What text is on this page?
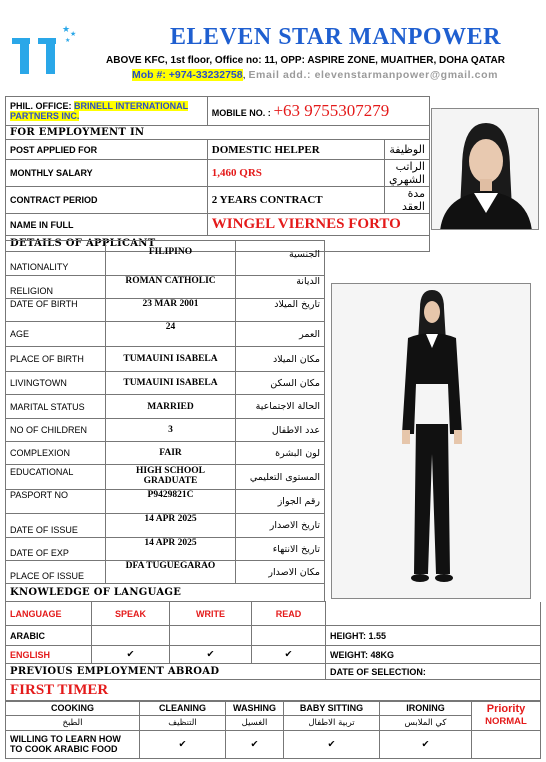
★
★
★	ELEVEN STAR MANPOWER
ABOVE KFC, 1st floor, Office no: 11, OPP: ASPIRE ZONE, MUAITHER, DOHA QATAR
Mob #: +974-33232758, Email add.: elevenstarmanpower@gmail.com
PHIL. OFFICE: BRINELL INTERNATIONAL PARTNERS INC.	MOBILE NO. : +63 9755307279	
FOR EMPLOYMENT IN		
POST APPLIED FOR	DOMESTIC HELPER	الوظيفة
MONTHLY SALARY	1,460 QRS	الراتب الشهري
CONTRACT PERIOD	2 YEARS CONTRACT	مدة العقد
NAME IN FULL	WINGEL VIERNES FORTO	
DETAILS OF APPLICANT		
NATIONALITY	FILIPINO	الجنسية
RELIGION	ROMAN CATHOLIC	الديانة
DATE OF BIRTH	23 MAR 2001	تاريخ الميلاد
AGE	24	العمر
PLACE OF BIRTH	TUMAUINI ISABELA	مكان الميلاد
LIVINGTOWN	TUMAUINI ISABELA	مكان السكن
MARITAL STATUS	MARRIED	الحالة الاجتماعية
NO OF CHILDREN	3	عدد الاطفال
COMPLEXION	FAIR	لون البشرة
EDUCATIONAL	HIGH SCHOOL GRADUATE	المستوى التعليمي
PASPORT NO	P9429821C	رقم الجواز
DATE OF ISSUE	14 APR 2025	تاريخ الاصدار
DATE OF EXP	14 APR 2025	تاريخ الانتهاء
PLACE OF ISSUE	DFA TUGUEGARAO	مكان الاصدار
KNOWLEDGE OF LANGUAGE		
LANGUAGE	SPEAK	WRITE	READ	
ARABIC				HEIGHT: 1.55
ENGLISH	✔	✔	✔	WEIGHT: 48KG
PREVIOUS EMPLOYMENT ABROAD				DATE OF SELECTION:
FIRST TIMER				
COOKING	CLEANING	WASHING	BABY SITTING	IRONING	Priority
NORMAL

الطبخ	التنظيف	الغسيل	تربية الاطفال	كي الملابس	
WILLING TO LEARN HOW TO COOK ARABIC FOOD	✔	✔	✔	✔	
